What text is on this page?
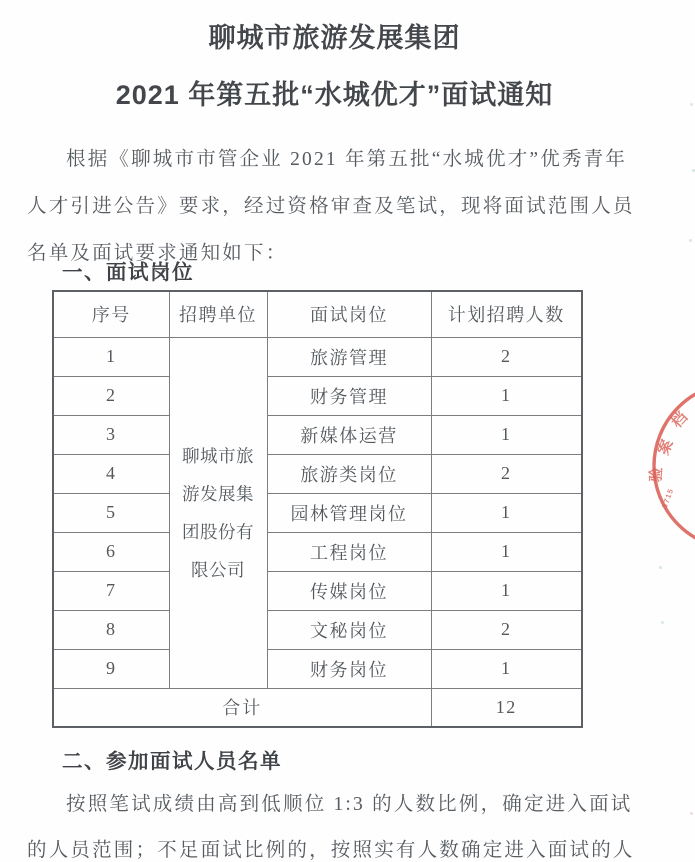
聊城市旅游发展集团
2021 年第五批“水城优才”面试通知
根据《聊城市市管企业 2021 年第五批“水城优才”优秀青年
人才引进公告》要求，经过资格审查及笔试，现将面试范围人员
名单及面试要求通知如下：
一、面试岗位
序号	招聘单位	面试岗位	计划招聘人数
1	聊城市旅
游发展集
团股份有
限公司	旅游管理	2
2		财务管理	1
3		新媒体运营	1
4		旅游类岗位	2
5		园林管理岗位	1
6		工程岗位	1
7		传媒岗位	1
8		文秘岗位	2
9		财务岗位	1
合计			12
二、参加面试人员名单
按照笔试成绩由高到低顺位 1:3 的人数比例，确定进入面试
的人员范围；不足面试比例的，按照实有人数确定进入面试的人
档
案
验
3715
